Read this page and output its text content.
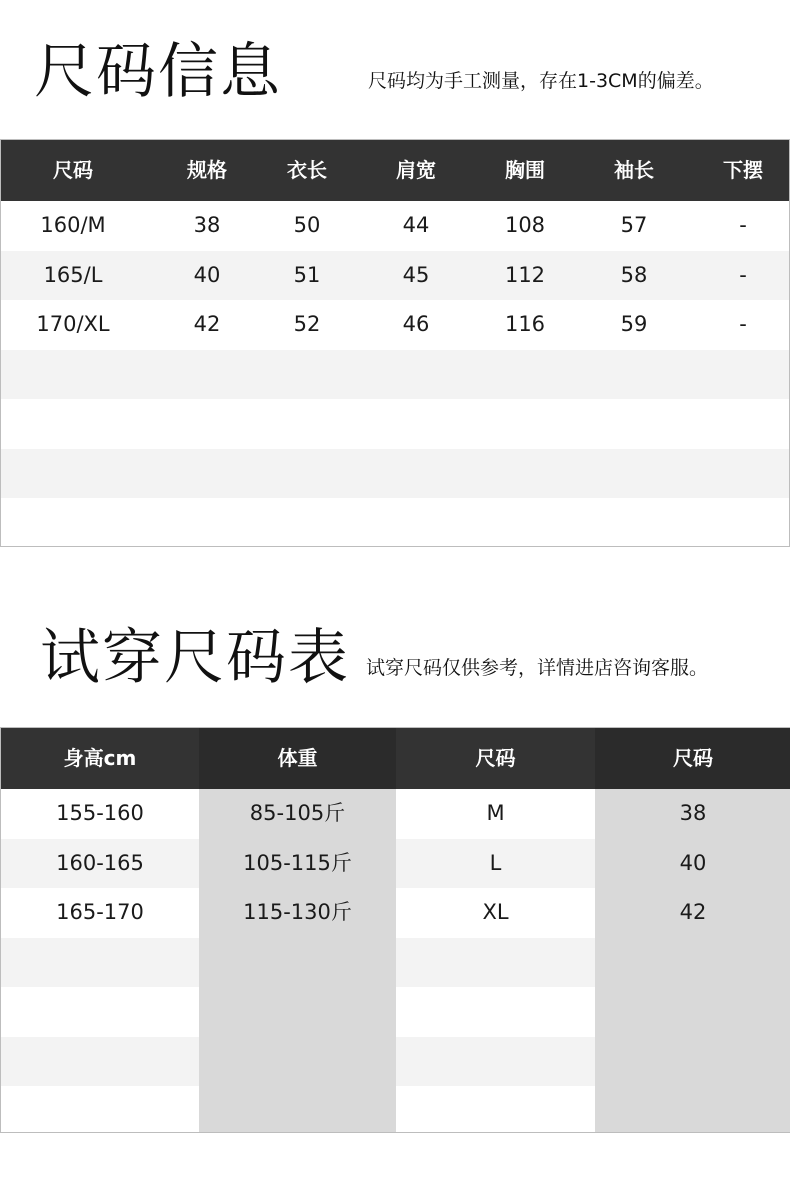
尺码信息	尺码均为手工测量，存在1-3CM的偏差。
尺码	规格	衣长	肩宽	胸围	袖长	下摆
160/M	38	50	44	108	57	-
165/L	40	51	45	112	58	-
170/XL	42	52	46	116	59	-
试穿尺码表 试穿尺码仅供参考，详情进店咨询客服。
身高cm	体重	尺码	尺码
155-160	85-105斤	M	38
160-165	105-115斤	L	40
165-170	115-130斤	XL	42
